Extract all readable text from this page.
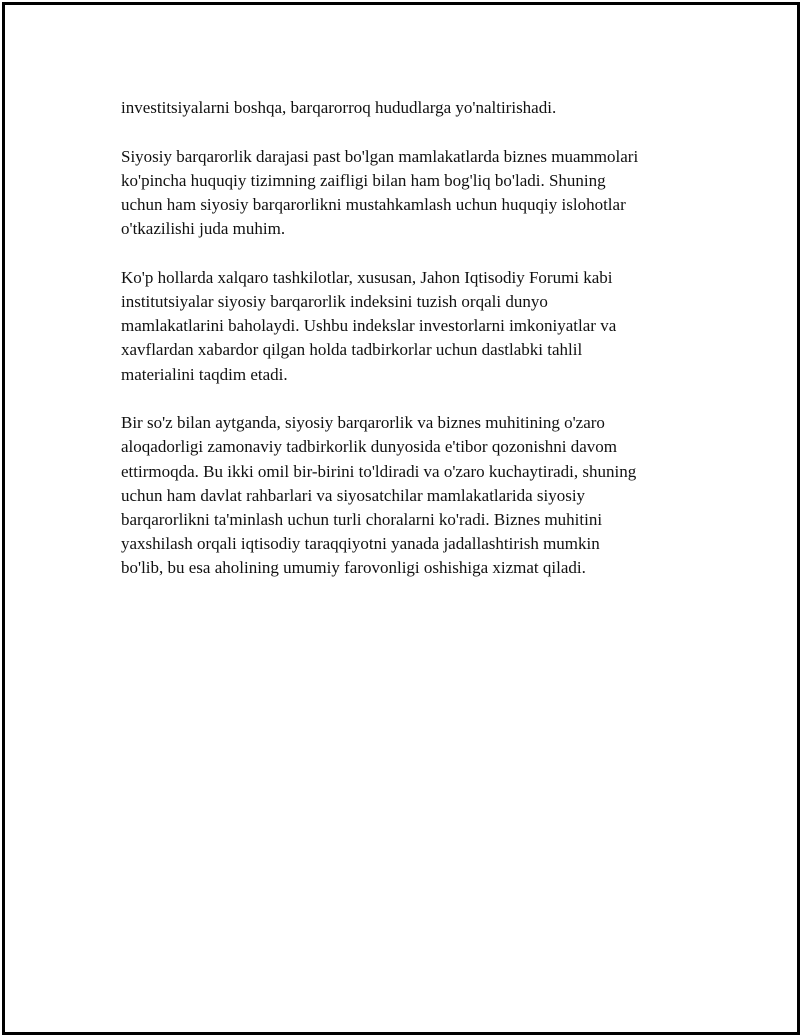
investitsiyalarni boshqa, barqarorroq hududlarga yo'naltirishadi.

Siyosiy barqarorlik darajasi past bo'lgan mamlakatlarda biznes muammolari
ko'pincha huquqiy tizimning zaifligi bilan ham bog'liq bo'ladi. Shuning
uchun ham siyosiy barqarorlikni mustahkamlash uchun huquqiy islohotlar
o'tkazilishi juda muhim.

Ko'p hollarda xalqaro tashkilotlar, xususan, Jahon Iqtisodiy Forumi kabi
institutsiyalar siyosiy barqarorlik indeksini tuzish orqali dunyo
mamlakatlarini baholaydi. Ushbu indekslar investorlarni imkoniyatlar va
xavflardan xabardor qilgan holda tadbirkorlar uchun dastlabki tahlil
materialini taqdim etadi.

Bir so'z bilan aytganda, siyosiy barqarorlik va biznes muhitining o'zaro
aloqadorligi zamonaviy tadbirkorlik dunyosida e'tibor qozonishni davom
ettirmoqda. Bu ikki omil bir-birini to'ldiradi va o'zaro kuchaytiradi, shuning
uchun ham davlat rahbarlari va siyosatchilar mamlakatlarida siyosiy
barqarorlikni ta'minlash uchun turli choralarni ko'radi. Biznes muhitini
yaxshilash orqali iqtisodiy taraqqiyotni yanada jadallashtirish mumkin
bo'lib, bu esa aholining umumiy farovonligi oshishiga xizmat qiladi.
